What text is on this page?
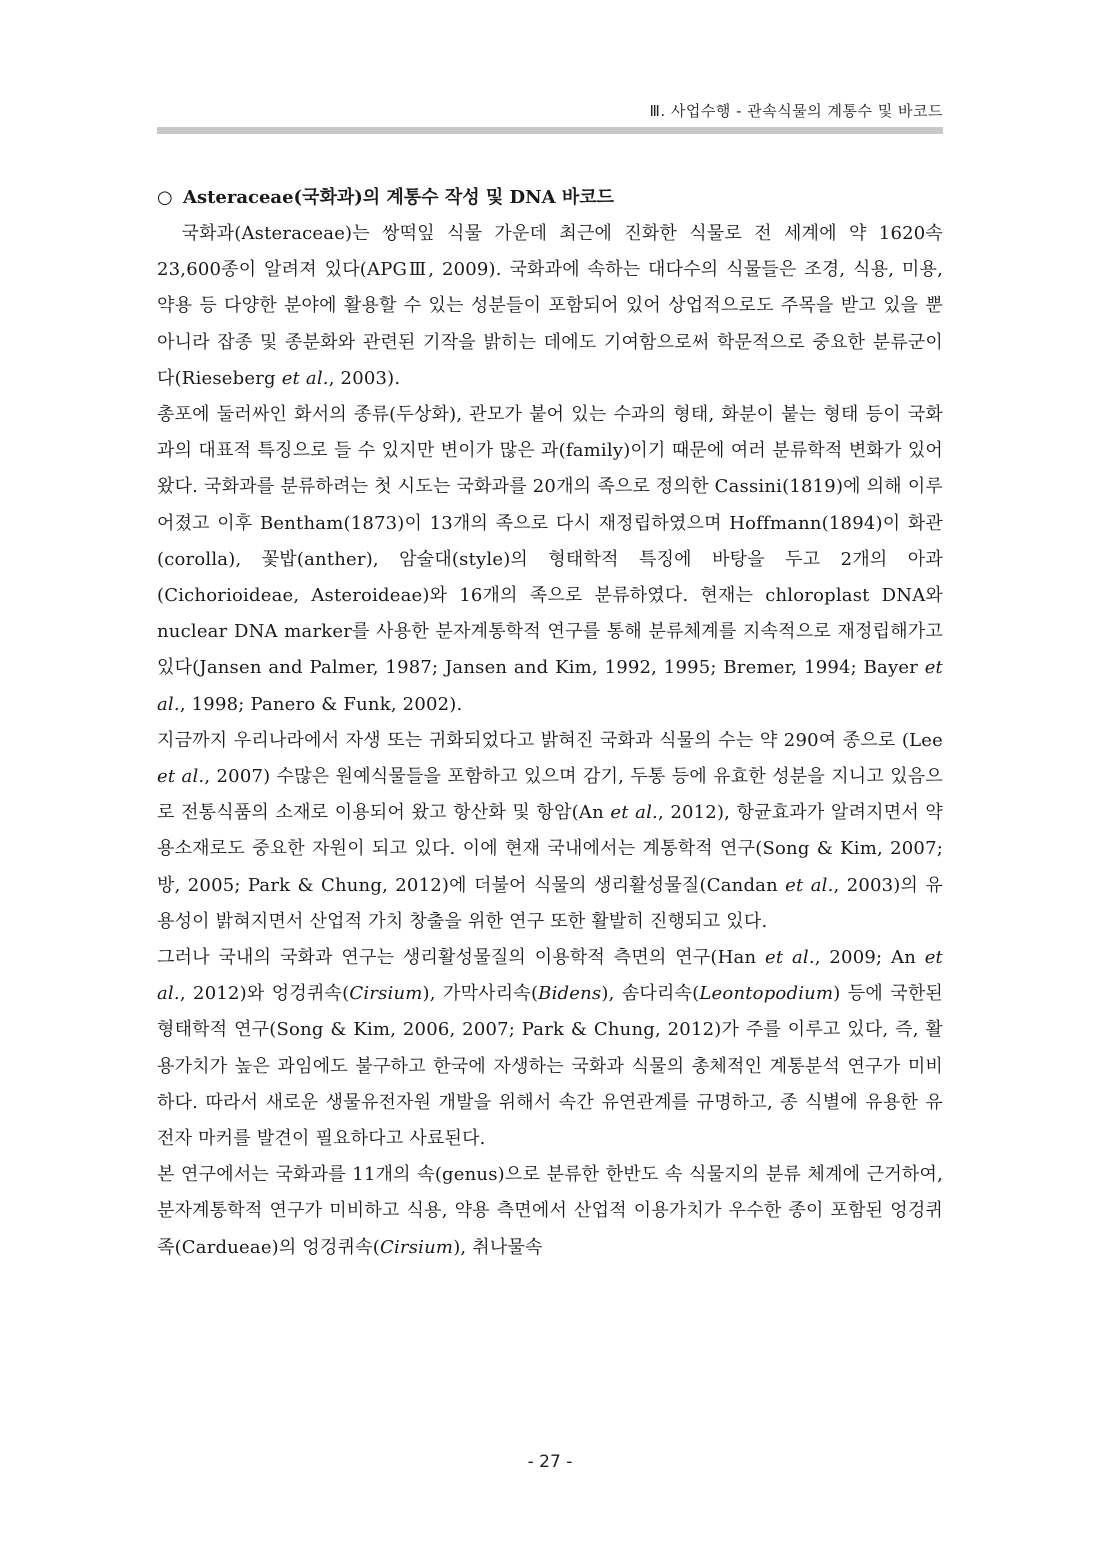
Ⅲ. 사업수행 - 관속식물의 계통수 및 바코드
○ Asteraceae(국화과)의 계통수 작성 및 DNA 바코드

　국화과(Asteraceae)는 쌍떡잎 식물 가운데 최근에 진화한 식물로 전 세계에 약 1620속 23,600종이 알려져 있다(APGⅢ, 2009). 국화과에 속하는 대다수의 식물들은 조경, 식용, 미용, 약용 등 다양한 분야에 활용할 수 있는 성분들이 포함되어 있어 상업적으로도 주목을 받고 있을 뿐 아니라 잡종 및 종분화와 관련된 기작을 밝히는 데에도 기여함으로써 학문적으로 중요한 분류군이다(Rieseberg et al., 2003).

총포에 둘러싸인 화서의 종류(두상화), 관모가 붙어 있는 수과의 형태, 화분이 붙는 형태 등이 국화과의 대표적 특징으로 들 수 있지만 변이가 많은 과(family)이기 때문에 여러 분류학적 변화가 있어왔다. 국화과를 분류하려는 첫 시도는 국화과를 20개의 족으로 정의한 Cassini(1819)에 의해 이루어졌고 이후 Bentham(1873)이 13개의 족으로 다시 재정립하였으며 Hoffmann(1894)이 화관(corolla), 꽃밥(anther), 암술대(style)의 형태학적 특징에 바탕을 두고 2개의 아과(Cichorioideae, Asteroideae)와 16개의 족으로 분류하였다. 현재는 chloroplast DNA와 nuclear DNA marker를 사용한 분자계통학적 연구를 통해 분류체계를 지속적으로 재정립해가고 있다(Jansen and Palmer, 1987; Jansen and Kim, 1992, 1995; Bremer, 1994; Bayer et al., 1998; Panero & Funk, 2002).

지금까지 우리나라에서 자생 또는 귀화되었다고 밝혀진 국화과 식물의 수는 약 290여 종으로 (Lee et al., 2007) 수많은 원예식물들을 포함하고 있으며 감기, 두통 등에 유효한 성분을 지니고 있음으로 전통식품의 소재로 이용되어 왔고 항산화 및 항암(An et al., 2012), 항균효과가 알려지면서 약용소재로도 중요한 자원이 되고 있다. 이에 현재 국내에서는 계통학적 연구(Song & Kim, 2007; 방, 2005; Park & Chung, 2012)에 더불어 식물의 생리활성물질(Candan et al., 2003)의 유용성이 밝혀지면서 산업적 가치 창출을 위한 연구 또한 활발히 진행되고 있다.

그러나 국내의 국화과 연구는 생리활성물질의 이용학적 측면의 연구(Han et al., 2009; An et al., 2012)와 엉겅퀴속(Cirsium), 가막사리속(Bidens), 솜다리속(Leontopodium) 등에 국한된 형태학적 연구(Song & Kim, 2006, 2007; Park & Chung, 2012)가 주를 이루고 있다, 즉, 활용가치가 높은 과임에도 불구하고 한국에 자생하는 국화과 식물의 총체적인 계통분석 연구가 미비하다. 따라서 새로운 생물유전자원 개발을 위해서 속간 유연관계를 규명하고, 종 식별에 유용한 유전자 마커를 발견이 필요하다고 사료된다.

본 연구에서는 국화과를 11개의 속(genus)으로 분류한 한반도 속 식물지의 분류 체계에 근거하여, 분자계통학적 연구가 미비하고 식용, 약용 측면에서 산업적 이용가치가 우수한 종이 포함된 엉겅퀴족(Cardueae)의 엉겅퀴속(Cirsium), 취나물속

- 27 -
